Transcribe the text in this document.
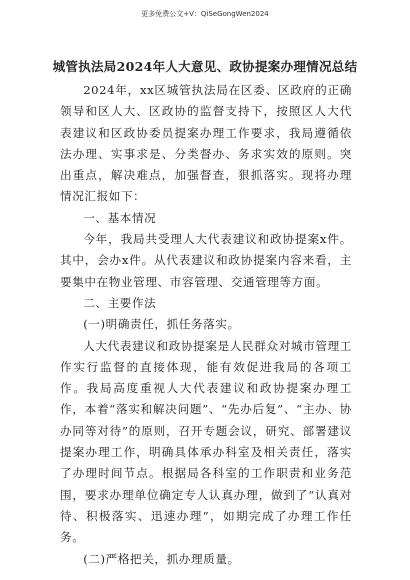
更多免费公文+V：QiSeGongWen2024
城管执法局2024年人大意见、政协提案办理情况总结

2024年，xx区城管执法局在区委、区政府的正确领导和区人大、区政协的监督支持下，按照区人大代表建议和区政协委员提案办理工作要求，我局遵循依法办理、实事求是、分类督办、务求实效的原则。突出重点，解决难点，加强督查，狠抓落实。现将办理情况汇报如下：

一、基本情况

今年，我局共受理人大代表建议和政协提案x件。其中，会办x件。从代表建议和政协提案内容来看，主要集中在物业管理、市容管理、交通管理等方面。

二、主要作法

(一)明确责任，抓任务落实。

人大代表建议和政协提案是人民群众对城市管理工作实行监督的直接体现，能有效促进我局的各项工作。我局高度重视人大代表建议和政协提案办理工作，本着“落实和解决问题”、“先办后复”、“主办、协办同等对待”的原则，召开专题会议，研究、部署建议提案办理工作，明确具体承办科室及相关责任，落实了办理时间节点。根据局各科室的工作职责和业务范围，要求办理单位确定专人认真办理，做到了“认真对待、积极落实、迅速办理”，如期完成了办理工作任务。

(二)严格把关，抓办理质量。
